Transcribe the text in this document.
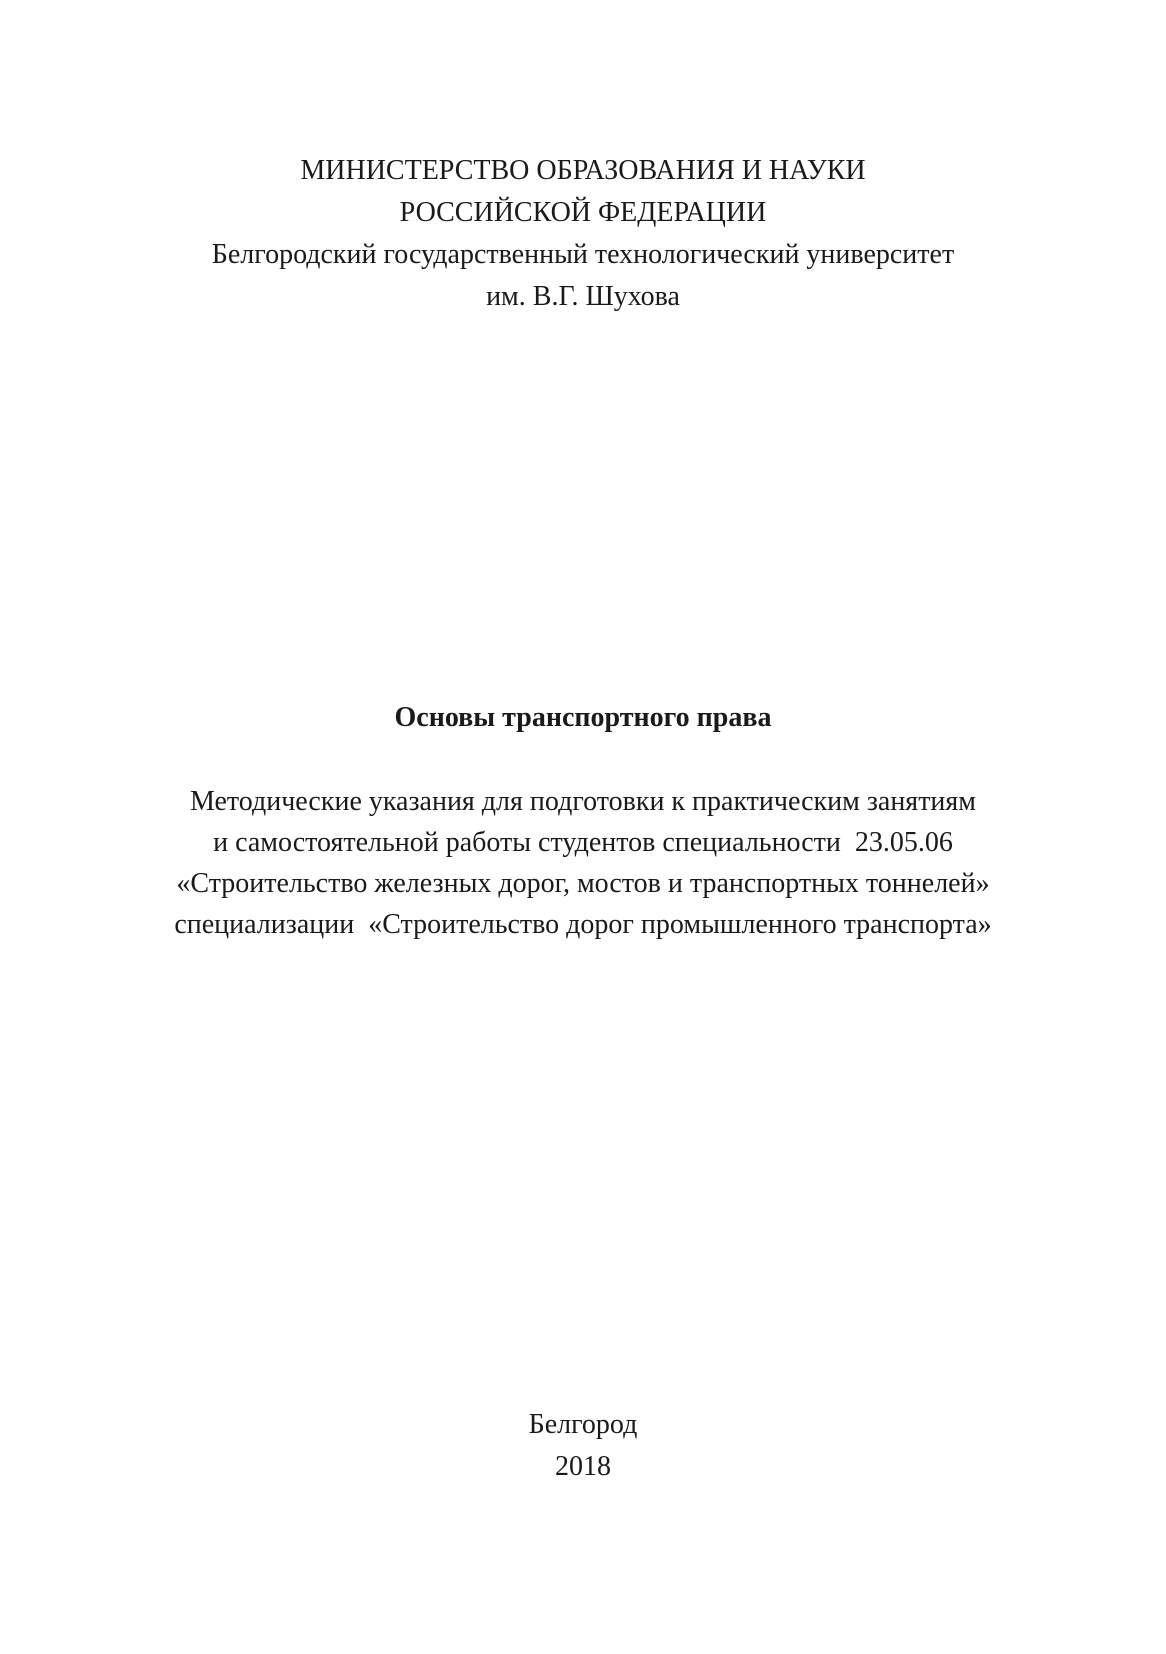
МИНИСТЕРСТВО ОБРАЗОВАНИЯ И НАУКИ
РОССИЙСКОЙ ФЕДЕРАЦИИ
Белгородский государственный технологический университет
им. В.Г. Шухова
Основы транспортного права
Методические указания для подготовки к практическим занятиям
и самостоятельной работы студентов специальности  23.05.06
«Строительство железных дорог, мостов и транспортных тоннелей»
специализации  «Строительство дорог промышленного транспорта»
Белгород
2018
